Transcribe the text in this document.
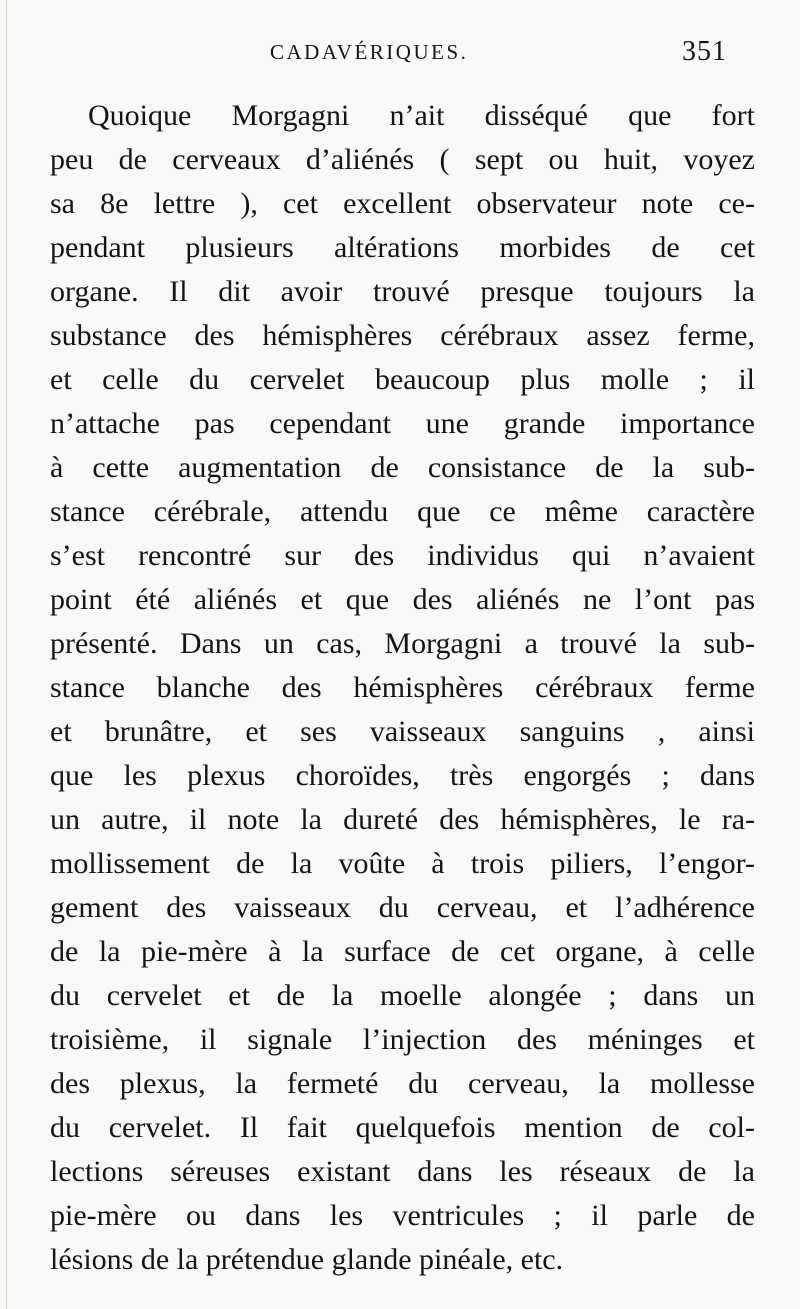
CADAVÉRIQUES.	351
Quoique Morgagni n’ait disséqué que fort
peu de cerveaux d’aliénés ( sept ou huit, voyez
sa 8e lettre ), cet excellent observateur note ce-
pendant plusieurs altérations morbides de cet
organe. Il dit avoir trouvé presque toujours la
substance des hémisphères cérébraux assez ferme,
et celle du cervelet beaucoup plus molle ; il
n’attache pas cependant une grande importance
à cette augmentation de consistance de la sub-
stance cérébrale, attendu que ce même caractère
s’est rencontré sur des individus qui n’avaient
point été aliénés et que des aliénés ne l’ont pas
présenté. Dans un cas, Morgagni a trouvé la sub-
stance blanche des hémisphères cérébraux ferme
et brunâtre, et ses vaisseaux sanguins , ainsi
que les plexus choroïdes, très engorgés ; dans
un autre, il note la dureté des hémisphères, le ra-
mollissement de la voûte à trois piliers, l’engor-
gement des vaisseaux du cerveau, et l’adhérence
de la pie-mère à la surface de cet organe, à celle
du cervelet et de la moelle alongée ; dans un
troisième, il signale l’injection des méninges et
des plexus, la fermeté du cerveau, la mollesse
du cervelet. Il fait quelquefois mention de col-
lections séreuses existant dans les réseaux de la
pie-mère ou dans les ventricules ; il parle de
lésions de la prétendue glande pinéale, etc.
